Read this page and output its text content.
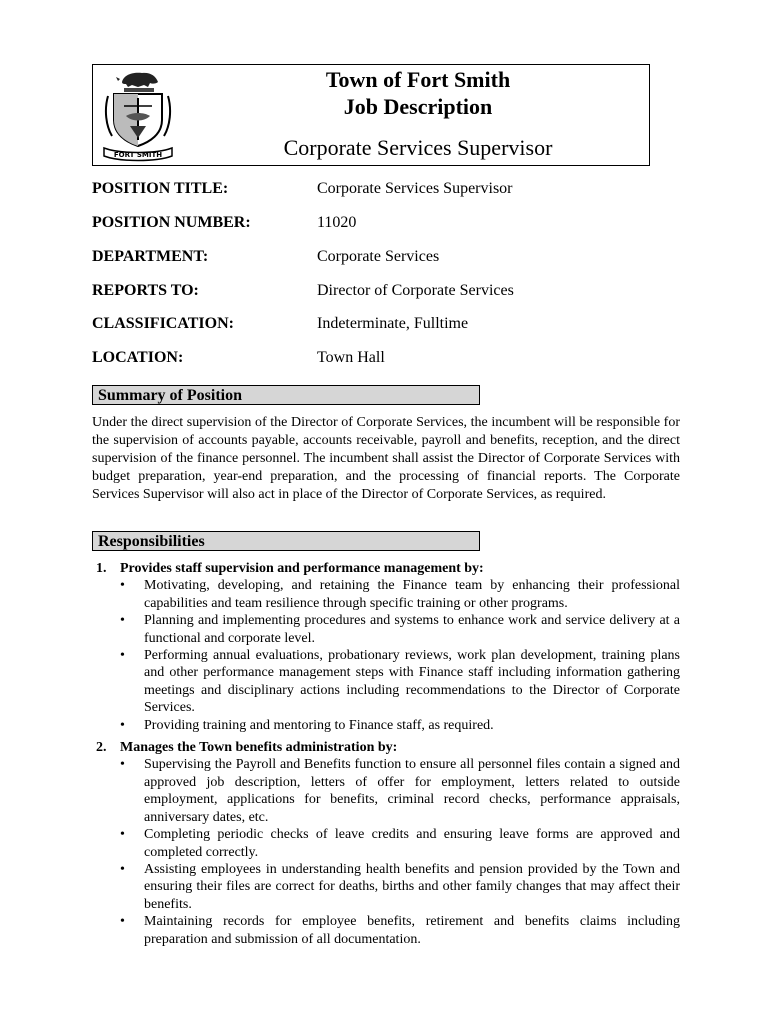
FORT SMITH
Town of Fort Smith
Job Description
Corporate Services Supervisor
POSITION TITLE:	Corporate Services Supervisor
POSITION NUMBER:	11020
DEPARTMENT:	Corporate Services
REPORTS TO:	Director of Corporate Services
CLASSIFICATION:	Indeterminate, Fulltime
LOCATION:	Town Hall
Summary of Position

Under the direct supervision of the Director of Corporate Services, the incumbent will be responsible for the supervision of accounts payable, accounts receivable, payroll and benefits, reception, and the direct supervision of the finance personnel. The incumbent shall assist the Director of Corporate Services with budget preparation, year-end preparation, and the processing of financial reports. The Corporate Services Supervisor will also act in place of the Director of Corporate Services, as required.

Responsibilities
1. Provides staff supervision and performance management by:
•	Motivating, developing, and retaining the Finance team by enhancing their professional capabilities and team resilience through specific training or other programs.
•	Planning and implementing procedures and systems to enhance work and service delivery at a functional and corporate level.
•	Performing annual evaluations, probationary reviews, work plan development, training plans and other performance management steps with Finance staff including information gathering meetings and disciplinary actions including recommendations to the Director of Corporate Services.
•	Providing training and mentoring to Finance staff, as required.
2. Manages the Town benefits administration by:
•	Supervising the Payroll and Benefits function to ensure all personnel files contain a signed and approved job description, letters of offer for employment, letters related to outside employment, applications for benefits, criminal record checks, performance appraisals, anniversary dates, etc.
•	Completing periodic checks of leave credits and ensuring leave forms are approved and completed correctly.
•	Assisting employees in understanding health benefits and pension provided by the Town and ensuring their files are correct for deaths, births and other family changes that may affect their benefits.
•	Maintaining records for employee benefits, retirement and benefits claims including preparation and submission of all documentation.
